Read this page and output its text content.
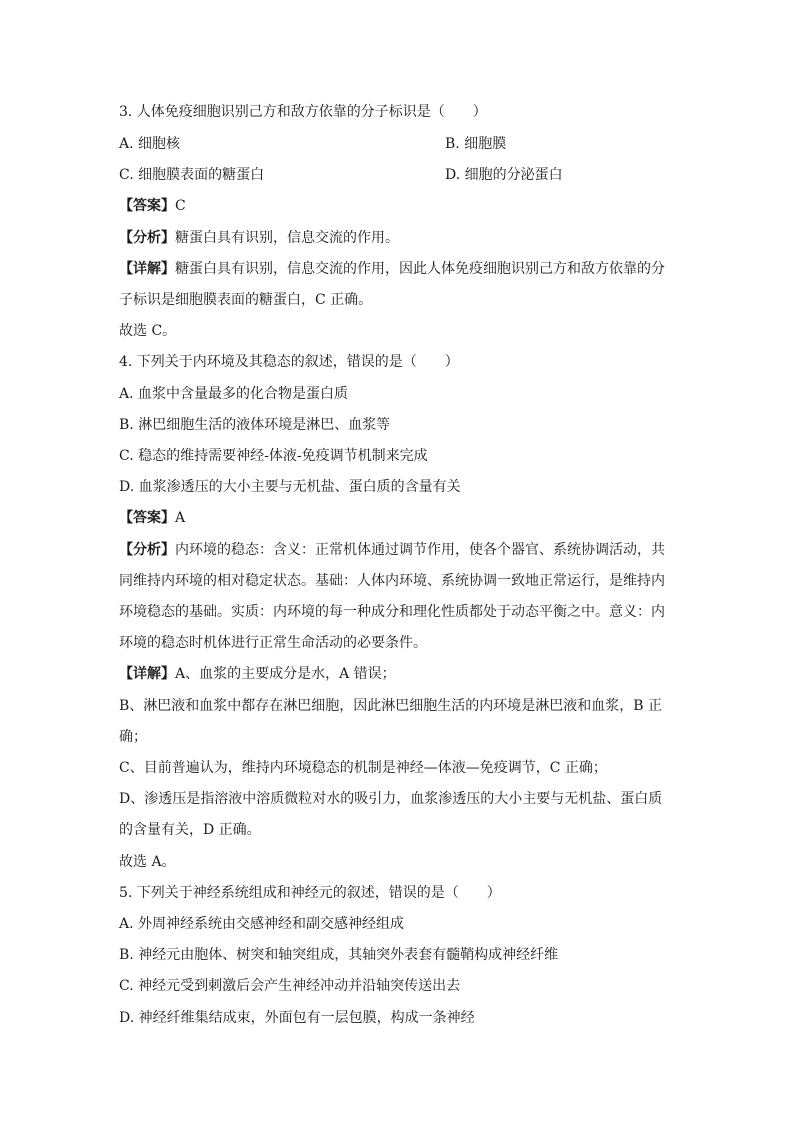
3. 人体免疫细胞识别己方和敌方依靠的分子标识是（　　）
A. 细胞核	B. 细胞膜
C. 细胞膜表面的糖蛋白	D. 细胞的分泌蛋白
【答案】C
【分析】糖蛋白具有识别，信息交流的作用。
【详解】糖蛋白具有识别，信息交流的作用，因此人体免疫细胞识别己方和敌方依靠的分
子标识是细胞膜表面的糖蛋白，C 正确。
故选 C。
4. 下列关于内环境及其稳态的叙述，错误的是（　　）
A. 血浆中含量最多的化合物是蛋白质
B. 淋巴细胞生活的液体环境是淋巴、血浆等
C. 稳态的维持需要神经-体液-免疫调节机制来完成
D. 血浆渗透压的大小主要与无机盐、蛋白质的含量有关
【答案】A
【分析】内环境的稳态：含义：正常机体通过调节作用，使各个器官、系统协调活动，共
同维持内环境的相对稳定状态。基础：人体内环境、系统协调一致地正常运行，是维持内
环境稳态的基础。实质：内环境的每一种成分和理化性质都处于动态平衡之中。意义：内
环境的稳态时机体进行正常生命活动的必要条件。
【详解】A、血浆的主要成分是水，A 错误；
B、淋巴液和血浆中都存在淋巴细胞，因此淋巴细胞生活的内环境是淋巴液和血浆，B 正
确；
C、目前普遍认为，维持内环境稳态的机制是神经—体液—免疫调节，C 正确；
D、渗透压是指溶液中溶质微粒对水的吸引力，血浆渗透压的大小主要与无机盐、蛋白质
的含量有关，D 正确。
故选 A。
5. 下列关于神经系统组成和神经元的叙述，错误的是（　　）
A. 外周神经系统由交感神经和副交感神经组成
B. 神经元由胞体、树突和轴突组成，其轴突外表套有髓鞘构成神经纤维
C. 神经元受到刺激后会产生神经冲动并沿轴突传送出去
D. 神经纤维集结成束，外面包有一层包膜，构成一条神经
